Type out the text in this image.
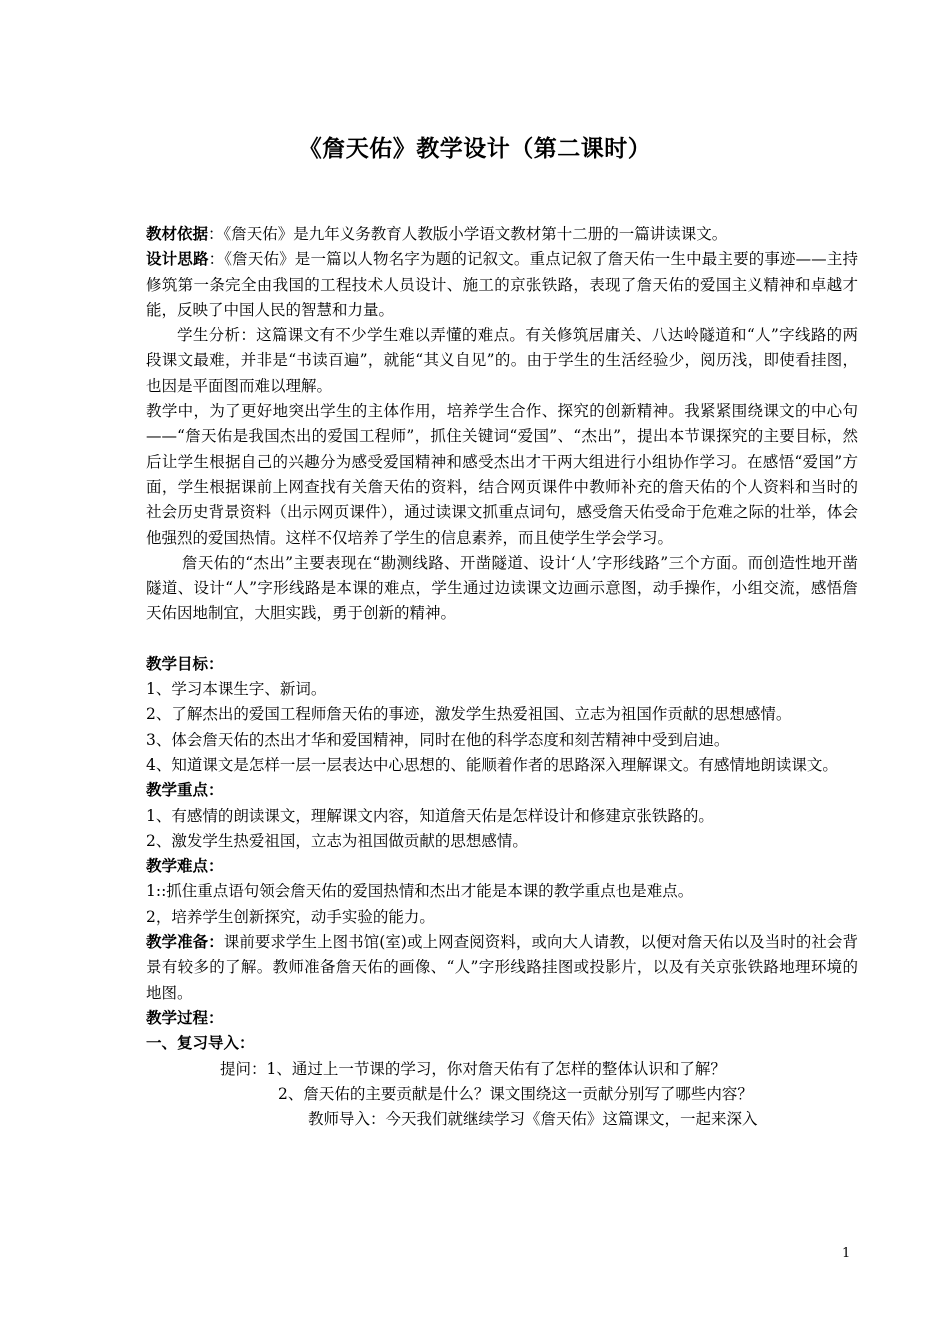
《詹天佑》教学设计（第二课时）

教材依据：《詹天佑》是九年义务教育人教版小学语文教材第十二册的一篇讲读课文。

设计思路：《詹天佑》是一篇以人物名字为题的记叙文。重点记叙了詹天佑一生中最主要的事迹——主持修筑第一条完全由我国的工程技术人员设计、施工的京张铁路，表现了詹天佑的爱国主义精神和卓越才能，反映了中国人民的智慧和力量。

学生分析：这篇课文有不少学生难以弄懂的难点。有关修筑居庸关、八达岭隧道和“人”字线路的两段课文最难，并非是“书读百遍”，就能“其义自见”的。由于学生的生活经验少，阅历浅，即使看挂图，也因是平面图而难以理解。

教学中，为了更好地突出学生的主体作用，培养学生合作、探究的创新精神。我紧紧围绕课文的中心句——“詹天佑是我国杰出的爱国工程师”，抓住关键词“爱国”、“杰出”，提出本节课探究的主要目标，然后让学生根据自己的兴趣分为感受爱国精神和感受杰出才干两大组进行小组协作学习。在感悟“爱国”方面，学生根据课前上网查找有关詹天佑的资料，结合网页课件中教师补充的詹天佑的个人资料和当时的社会历史背景资料（出示网页课件），通过读课文抓重点词句，感受詹天佑受命于危难之际的壮举，体会他强烈的爱国热情。这样不仅培养了学生的信息素养，而且使学生学会学习。

詹天佑的“杰出”主要表现在“勘测线路、开凿隧道、设计‘人’字形线路”三个方面。而创造性地开凿隧道、设计“人”字形线路是本课的难点，学生通过边读课文边画示意图，动手操作，小组交流，感悟詹天佑因地制宜，大胆实践，勇于创新的精神。

教学目标：

1、学习本课生字、新词。

2、了解杰出的爱国工程师詹天佑的事迹，激发学生热爱祖国、立志为祖国作贡献的思想感情。

3、体会詹天佑的杰出才华和爱国精神，同时在他的科学态度和刻苦精神中受到启迪。

4、知道课文是怎样一层一层表达中心思想的、能顺着作者的思路深入理解课文。有感情地朗读课文。

教学重点：

1、有感情的朗读课文，理解课文内容，知道詹天佑是怎样设计和修建京张铁路的。

2、激发学生热爱祖国，立志为祖国做贡献的思想感情。

教学难点：

1::抓住重点语句领会詹天佑的爱国热情和杰出才能是本课的教学重点也是难点。

2，培养学生创新探究，动手实验的能力。

教学准备：课前要求学生上图书馆(室)或上网查阅资料，或向大人请教，以便对詹天佑以及当时的社会背景有较多的了解。教师准备詹天佑的画像、“人”字形线路挂图或投影片，以及有关京张铁路地理环境的地图。

教学过程：

一、复习导入：

提问：1、通过上一节课的学习，你对詹天佑有了怎样的整体认识和了解？

2、詹天佑的主要贡献是什么？课文围绕这一贡献分别写了哪些内容？

教师导入：今天我们就继续学习《詹天佑》这篇课文，一起来深入

1
